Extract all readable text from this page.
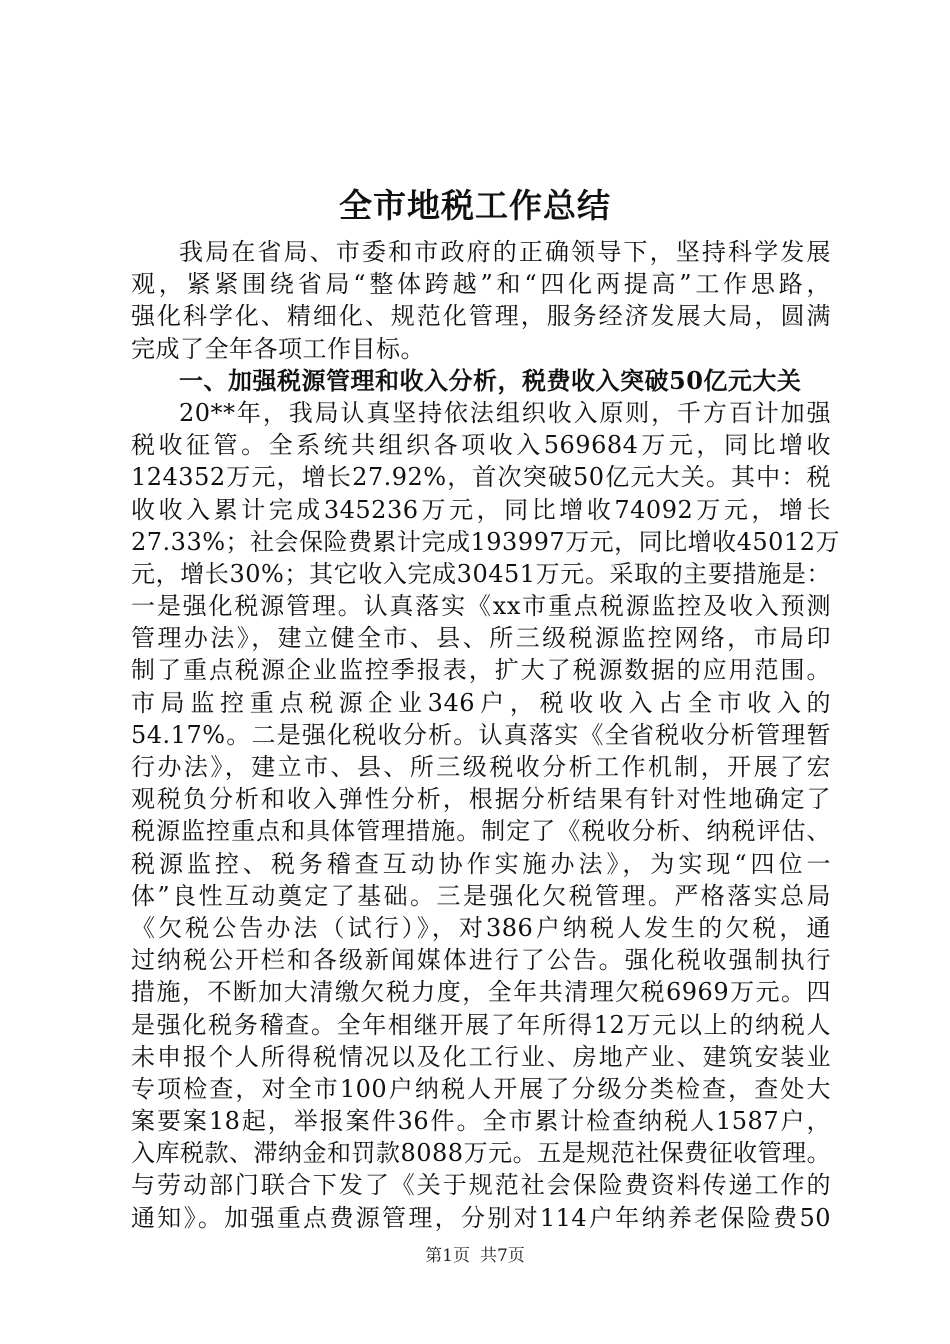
全市地税工作总结
我局在省局、市委和市政府的正确领导下，坚持科学发展
观，紧紧围绕省局“整体跨越”和“四化两提高”工作思路，
强化科学化、精细化、规范化管理，服务经济发展大局，圆满
完成了全年各项工作目标。
一、加强税源管理和收入分析，税费收入突破50亿元大关
20**年，我局认真坚持依法组织收入原则，千方百计加强
税收征管。全系统共组织各项收入569684万元，同比增收
124352万元，增长27.92%，首次突破50亿元大关。其中：税
收收入累计完成345236万元，同比增收74092万元，增长
27.33%；社会保险费累计完成193997万元，同比增收45012万
元，增长30%；其它收入完成30451万元。采取的主要措施是：
一是强化税源管理。认真落实《xx市重点税源监控及收入预测
管理办法》，建立健全市、县、所三级税源监控网络，市局印
制了重点税源企业监控季报表，扩大了税源数据的应用范围。
市局监控重点税源企业346户，税收收入占全市收入的
54.17%。二是强化税收分析。认真落实《全省税收分析管理暂
行办法》，建立市、县、所三级税收分析工作机制，开展了宏
观税负分析和收入弹性分析，根据分析结果有针对性地确定了
税源监控重点和具体管理措施。制定了《税收分析、纳税评估、
税源监控、税务稽查互动协作实施办法》，为实现“四位一
体”良性互动奠定了基础。三是强化欠税管理。严格落实总局
《欠税公告办法（试行）》，对386户纳税人发生的欠税，通
过纳税公开栏和各级新闻媒体进行了公告。强化税收强制执行
措施，不断加大清缴欠税力度，全年共清理欠税6969万元。四
是强化税务稽查。全年相继开展了年所得12万元以上的纳税人
未申报个人所得税情况以及化工行业、房地产业、建筑安装业
专项检查，对全市100户纳税人开展了分级分类检查，查处大
案要案18起，举报案件36件。全市累计检查纳税人1587户，
入库税款、滞纳金和罚款8088万元。五是规范社保费征收管理。
与劳动部门联合下发了《关于规范社会保险费资料传递工作的
通知》。加强重点费源管理，分别对114户年纳养老保险费50
第1页 共7页
